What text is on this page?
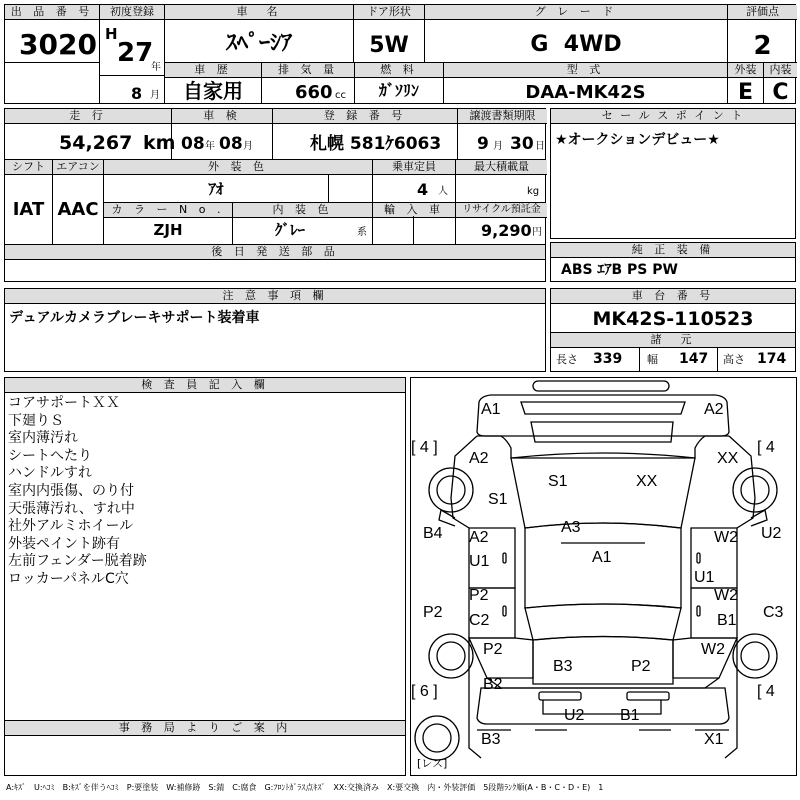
出 品 番 号
3020
初度登録
H
27
年
8 月
車　名
ｽﾍﾟｰｼｱ
ドア形状
5W
グ レ ー ド
G  4WD
評価点
2
車 歴
自家用
排 気 量
660 cc
燃 料
ｶﾞｿﾘﾝ
型 式
DAA-MK42S
外装	内装
E C
走 行
54,267 km
車 検
08 年 08 月
登 録 番 号
札幌 581ｹ6063
譲渡書類期限
9 月 30 日
シフト	エアコン
IAT AAC
外 装 色
ｱｵ
乗車定員
4 人
最大積載量
kg
カ ラ ー N o .
ZJH
内 装 色
ｸﾞﾚｰ	系
輸 入 車	リサイクル預託金
9,290 円
後 日 発 送 部 品
セ ー ル ス ポ イ ン ト
★オークションデビュー★
純 正 装 備
ABS ｴｱB PS PW
注 意 事 項 欄
デュアルカメラブレーキサポート装着車
車 台 番 号
MK42S-110523
諸　元
長さ 339 幅 147 高さ 174
検 査 員 記 入 欄
コアサポートＸＸ
下廻りＳ
室内薄汚れ
シートへたり
ハンドルすれ
室内内張傷、のり付
天張薄汚れ、すれ中
社外アルミホイール
外装ペイント跡有
左前フェンダー脱着跡
ロッカーパネルC穴
事 務 局 よ り ご 案 内
[ 4 ]	[ 4
[ 6 ]	[ 4
[レス]
A1	A2
A2	XX
S1
S1	XX
B4	A3
A2	W2 U2
U1	A1
U1
P2	W2
P2 C2	B1 C3
P2	W2
B3	P2
B2
U2 B1
B3	X1
A:ｷｽﾞ　U:ﾍｺﾐ　B:ｷｽﾞを伴うﾍｺﾐ　P:要塗装　W:補修跡　S:錆　C:腐食　G:ﾌﾛﾝﾄｶﾞﾗｽ点ｷｽﾞ　XX:交換済み　X:要交換　内・外装評価　5段階ﾗﾝｸ順(A・B・C・D・E)　1
